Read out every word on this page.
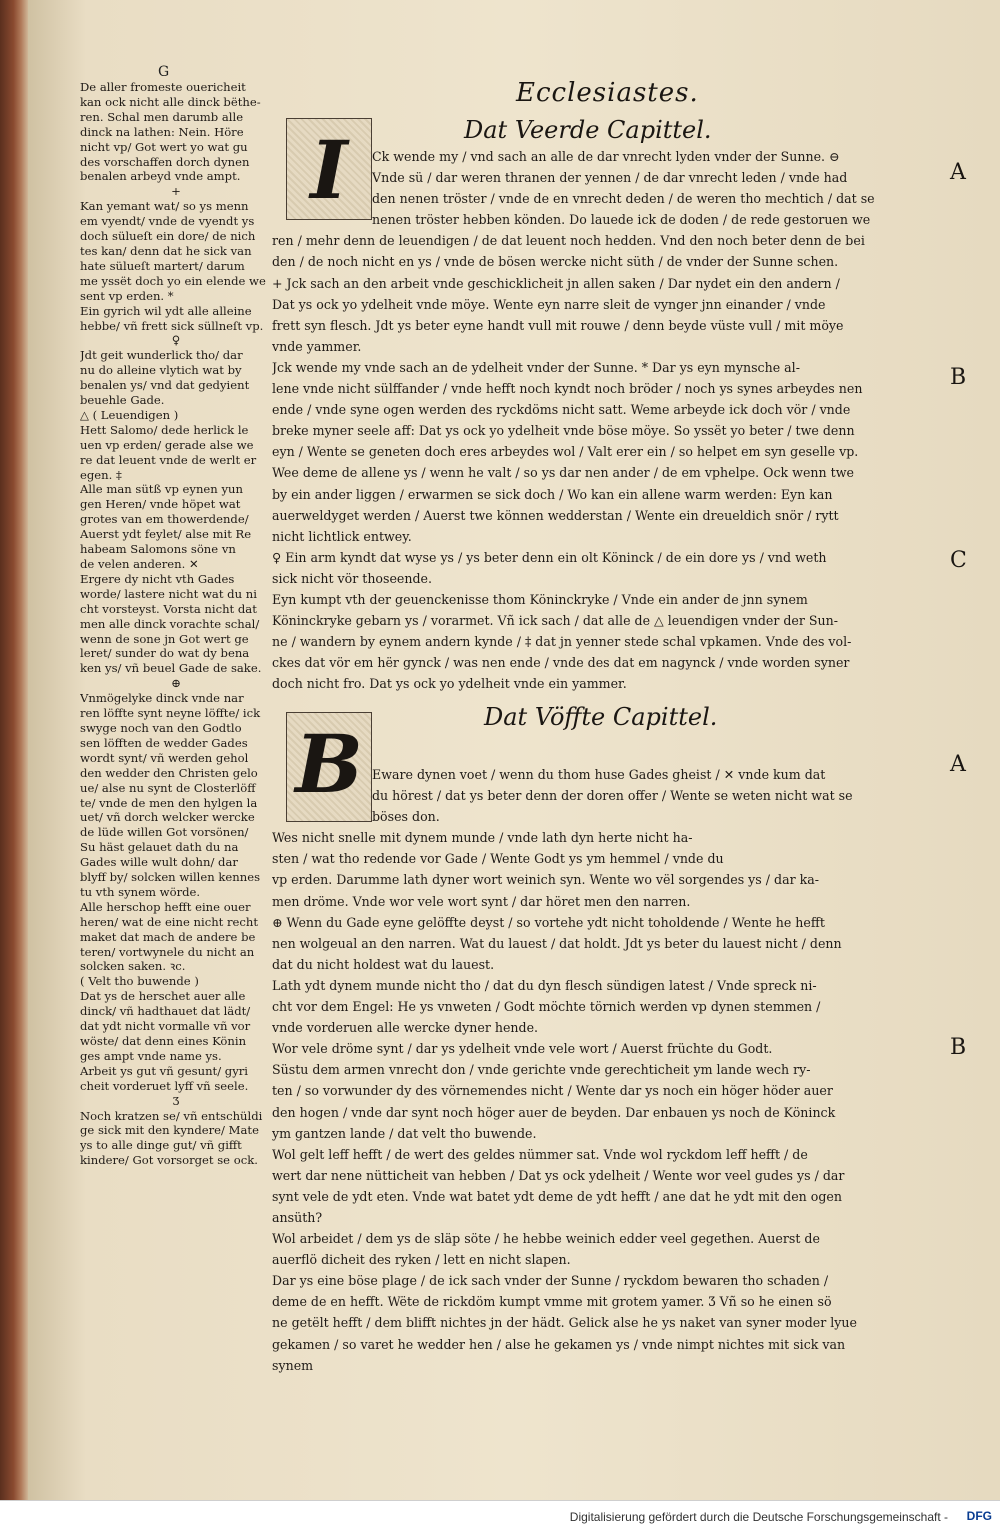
G
De aller fromeste ouericheit
kan ock nicht alle dinck bëthe-
ren. Schal men darumb alle
dinck na lathen: Nein. Höre
nicht vp/ Got wert yo wat gu
des vorschaffen dorch dynen
benalen arbeyd vnde ampt.
+
Kan yemant wat/ so ys menn
em vyendt/ vnde de vyendt ys
doch sülueſt ein dore/ de nich
tes kan/ denn dat he sick van
hate sülueſt martert/ darum
me yssët doch yo ein elende we
sent vp erden. *
Ein gyrich wil ydt alle alleine
hebbe/ vñ frett sick süllneſt vp.
♀
Jdt geit wunderlick tho/ dar
nu do alleine vlytich wat by
benalen ys/ vnd dat gedyient
beuehle Gade.
△ ( Leuendigen )
Hett Salomo/ dede herlick le
uen vp erden/ gerade alse we
re dat leuent vnde de werlt er
egen. ‡
Alle man sütß vp eynen yun
gen Heren/ vnde höpet wat
grotes van em thowerdende/
Auerst ydt feylet/ alse mit Re
habeam Salomons söne vn
de velen anderen. ✕
Ergere dy nicht vth Gades
worde/ lastere nicht wat du ni
cht vorsteyst. Vorsta nicht dat
men alle dinck vorachte schal/
wenn de sone jn Got wert ge
leret/ sunder do wat dy bena
ken ys/ vñ beuel Gade de sake.
⊕
Vnmögelyke dinck vnde nar
ren löffte synt neyne löffte/ ick
swyge noch van den Godtlo
sen löfften de wedder Gades
wordt synt/ vñ werden gehol
den wedder den Christen gelo
ue/ alse nu synt de Closterlöff
te/ vnde de men den hylgen la
uet/ vñ dorch welcker wercke
de lüde willen Got vorsönen/
Su häst gelauet dath du na
Gades wille wult dohn/ dar
blyff by/ solcken willen kennes
tu vth synem wörde.
Alle herschop hefft eine ouer
heren/ wat de eine nicht recht
maket dat mach de andere be
teren/ vortwynele du nicht an
solcken saken. ꝛc.
( Velt tho buwende )
Dat ys de herschet auer alle
dinck/ vñ hadthauet dat lädt/
dat ydt nicht vormalle vñ vor
wöste/ dat denn eines Könin
ges ampt vnde name ys.
Arbeit ys gut vñ gesunt/ gyri
cheit vorderuet lyff vñ seele.
Ʒ
Noch kratzen se/ vñ entschüldi
ge sick mit den kyndere/ Mate
ys to alle dinge gut/ vñ gifft
kindere/ Got vorsorget se ock.
Ecclesiastes.
Dat Veerde Capittel.
Dat Vöffte Capittel.
I
B
Ck wende my / vnd sach an alle de dar vnrecht lyden vnder der Sunne. ⊖
Vnde sü / dar weren thranen der yennen / de dar vnrecht leden / vnde had
den nenen tröster / vnde de en vnrecht deden / de weren tho mechtich / dat se
nenen tröster hebben könden. Do lauede ick de doden / de rede gestoruen we
ren / mehr denn de leuendigen / de dat leuent noch hedden. Vnd den noch beter denn de bei
den / de noch nicht en ys / vnde de bösen wercke nicht süth / de vnder der Sunne schen.
+ Jck sach an den arbeit vnde geschicklicheit jn allen saken / Dar nydet ein den andern /
Dat ys ock yo ydelheit vnde möye. Wente eyn narre sleit de vynger jnn einander / vnde
frett syn flesch. Jdt ys beter eyne handt vull mit rouwe / denn beyde vüste vull / mit möye
vnde yammer.
Jck wende my vnde sach an de ydelheit vnder der Sunne. * Dar ys eyn mynsche al-
lene vnde nicht sülffander / vnde hefft noch kyndt noch bröder / noch ys synes arbeydes nen
ende / vnde syne ogen werden des ryckdöms nicht satt. Weme arbeyde ick doch vör / vnde
breke myner seele aff: Dat ys ock yo ydelheit vnde böse möye. So yssët yo beter / twe denn
eyn / Wente se geneten doch eres arbeydes wol / Valt erer ein / so helpet em syn geselle vp.
Wee deme de allene ys / wenn he valt / so ys dar nen ander / de em vphelpe. Ock wenn twe
by ein ander liggen / erwarmen se sick doch / Wo kan ein allene warm werden: Eyn kan
auerweldyget werden / Auerst twe können wedderstan / Wente ein dreueldich snör / rytt
nicht lichtlick entwey.
♀ Ein arm kyndt dat wyse ys / ys beter denn ein olt Köninck / de ein dore ys / vnd weth
sick nicht vör thoseende.
Eyn kumpt vth der geuenckenisse thom Köninckryke / Vnde ein ander de jnn synem
Köninckryke gebarn ys / vorarmet. Vñ ick sach / dat alle de △ leuendigen vnder der Sun-
ne / wandern by eynem andern kynde / ‡ dat jn yenner stede schal vpkamen. Vnde des vol-
ckes dat vör em hër gynck / was nen ende / vnde des dat em nagynck / vnde worden syner
doch nicht fro. Dat ys ock yo ydelheit vnde ein yammer.
Eware dynen voet / wenn du thom huse Gades gheist / ✕ vnde kum dat
du hörest / dat ys beter denn der doren offer / Wente se weten nicht wat se
böses don.
Wes nicht snelle mit dynem munde / vnde lath dyn herte nicht ha-
sten / wat tho redende vor Gade / Wente Godt ys ym hemmel / vnde du
vp erden. Darumme lath dyner wort weinich syn. Wente wo vël sorgendes ys / dar ka-
men dröme. Vnde wor vele wort synt / dar höret men den narren.
⊕ Wenn du Gade eyne gelöffte deyst / so vortehe ydt nicht toholdende / Wente he hefft
nen wolgeual an den narren. Wat du lauest / dat holdt. Jdt ys beter du lauest nicht / denn
dat du nicht holdest wat du lauest.
Lath ydt dynem munde nicht tho / dat du dyn flesch sündigen latest / Vnde spreck ni-
cht vor dem Engel: He ys vnweten / Godt möchte törnich werden vp dynen stemmen /
vnde vorderuen alle wercke dyner hende.
Wor vele dröme synt / dar ys ydelheit vnde vele wort / Auerst früchte du Godt.
Süstu dem armen vnrecht don / vnde gerichte vnde gerechticheit ym lande wech ry-
ten / so vorwunder dy des vörnemendes nicht / Wente dar ys noch ein höger höder auer
den hogen / vnde dar synt noch höger auer de beyden. Dar enbauen ys noch de Köninck
ym gantzen lande / dat velt tho buwende.
Wol gelt leff hefft / de wert des geldes nümmer sat. Vnde wol ryckdom leff hefft / de
wert dar nene nütticheit van hebben / Dat ys ock ydelheit / Wente wor veel gudes ys / dar
synt vele de ydt eten. Vnde wat batet ydt deme de ydt hefft / ane dat he ydt mit den ogen
ansüth?
Wol arbeidet / dem ys de släp söte / he hebbe weinich edder veel gegethen. Auerst de
auerflö dicheit des ryken / lett en nicht slapen.
Dar ys eine böse plage / de ick sach vnder der Sunne / ryckdom bewaren tho schaden /
deme de en hefft. Wëte de rickdöm kumpt vmme mit grotem yamer. Ʒ Vñ so he einen sö
ne getëlt hefft / dem blifft nichtes jn der hädt. Gelick alse he ys naket van syner moder lyue
gekamen / so varet he wedder hen / alse he gekamen ys / vnde nimpt nichtes mit sick van
synem
A
B
C
A
B
Digitalisierung gefördert durch die Deutsche Forschungsgemeinschaft - DFG
